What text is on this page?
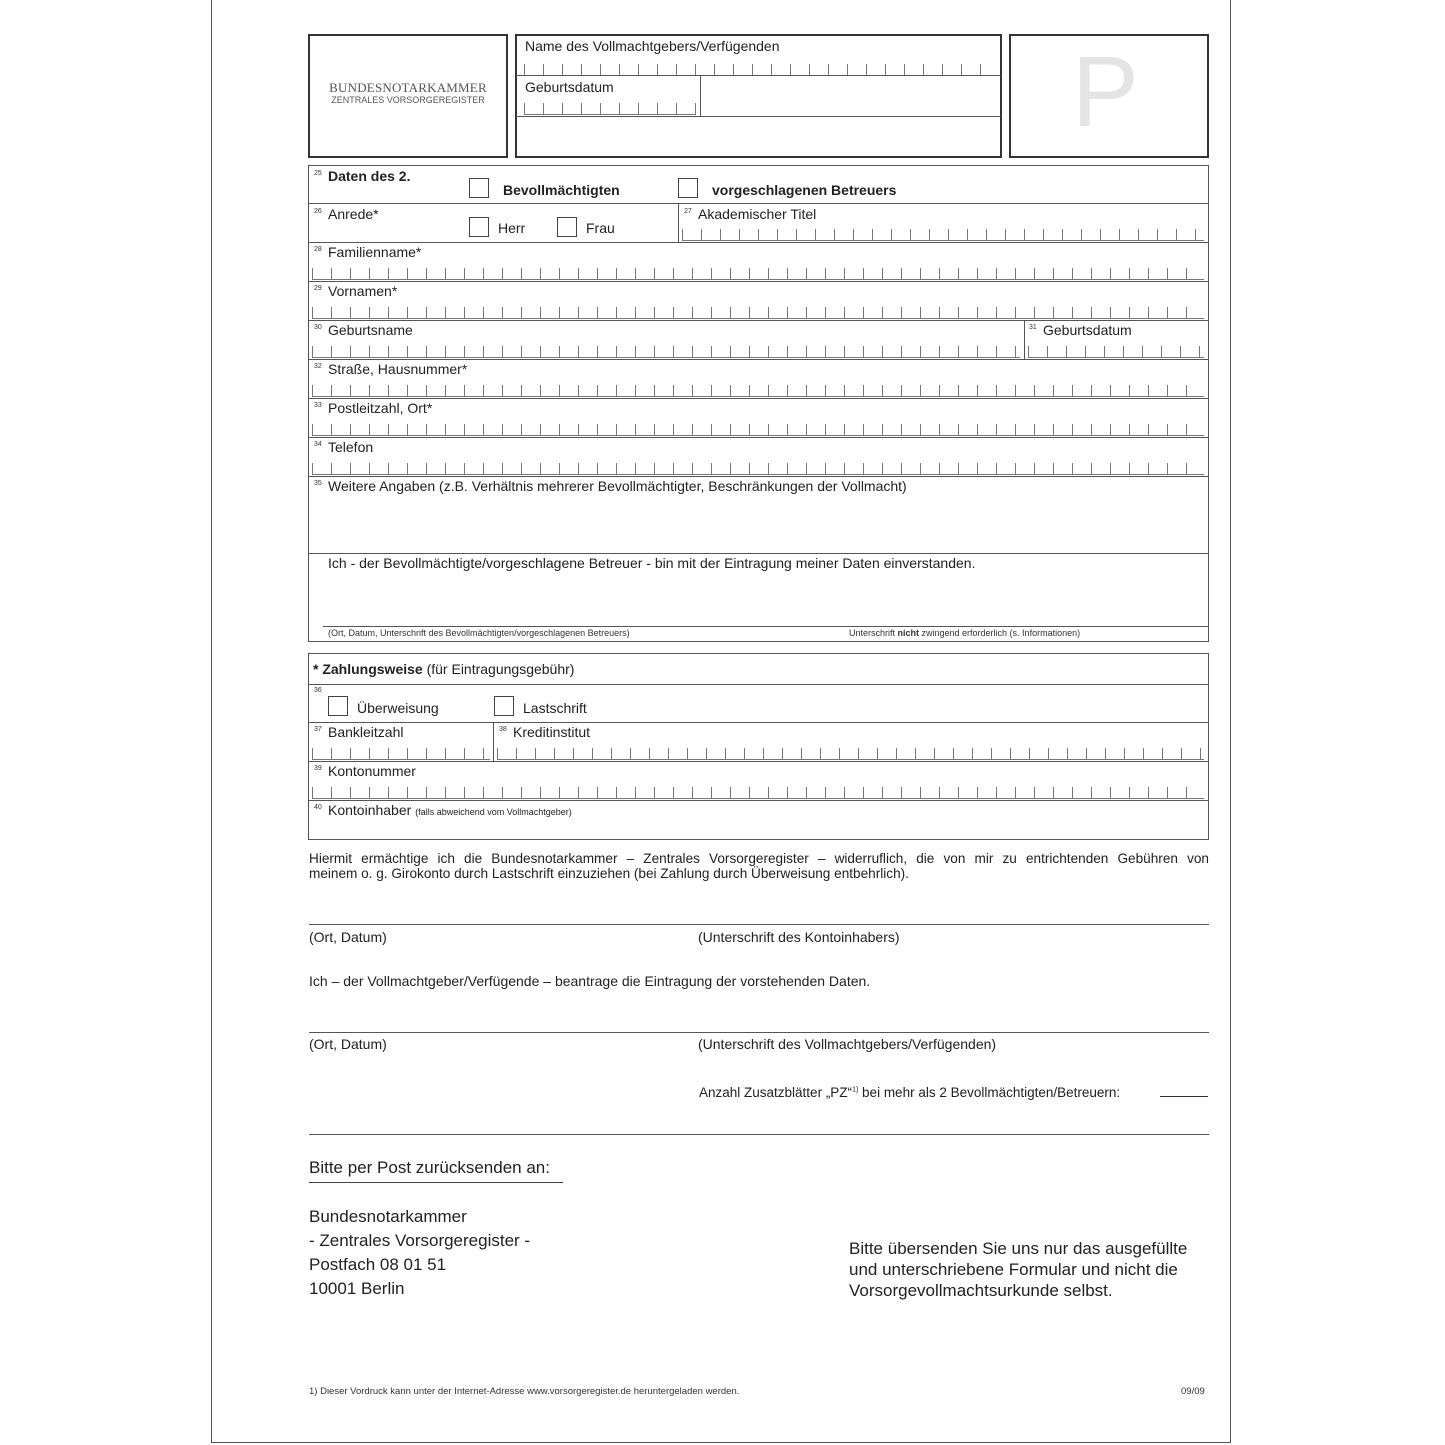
BUNDESNOTARKAMMER
ZENTRALES VORSORGEREGISTER
Name des Vollmachtgebers/Verfügenden
Geburtsdatum	P
25 Daten des 2.
Bevollmächtigten	vorgeschlagenen Betreuers
26 Anrede*
Herr	Frau
27 Akademischer Titel
28 Familienname*
29 Vornamen*
30 Geburtsname	31 Geburtsdatum
32 Straße, Hausnummer*
33 Postleitzahl, Ort*
34 Telefon
35 Weitere Angaben (z.B. Verhältnis mehrerer Bevollmächtigter, Beschränkungen der Vollmacht)
Ich - der Bevollmächtigte/vorgeschlagene Betreuer - bin mit der Eintragung meiner Daten einverstanden.
(Ort, Datum, Unterschrift des Bevollmächtigten/vorgeschlagenen Betreuers)	Unterschrift nicht zwingend erforderlich (s. Informationen)
* Zahlungsweise (für Eintragungsgebühr)
36
Überweisung	Lastschrift
37 Bankleitzahl	38 Kreditinstitut
39 Kontonummer
40 Kontoinhaber (falls abweichend vom Vollmachtgeber)
Hiermit ermächtige ich die Bundesnotarkammer – Zentrales Vorsorgeregister – widerruflich, die von mir zu entrichtenden Gebühren von
meinem o. g. Girokonto durch Lastschrift einzuziehen (bei Zahlung durch Überweisung entbehrlich).
(Ort, Datum)	(Unterschrift des Kontoinhabers)
Ich – der Vollmachtgeber/Verfügende – beantrage die Eintragung der vorstehenden Daten.
(Ort, Datum)	(Unterschrift des Vollmachtgebers/Verfügenden)
Anzahl Zusatzblätter „PZ“$^{1)}$ bei mehr als 2 Bevollmächtigten/Betreuern:
Bitte per Post zurücksenden an:
Bundesnotarkammer
- Zentrales Vorsorgeregister -
Postfach 08 01 51
10001 Berlin
Bitte übersenden Sie uns nur das ausgefüllte
und unterschriebene Formular und nicht die
Vorsorgevollmachtsurkunde selbst.
1) Dieser Vordruck kann unter der Internet-Adresse www.vorsorgeregister.de heruntergeladen werden.	09/09
